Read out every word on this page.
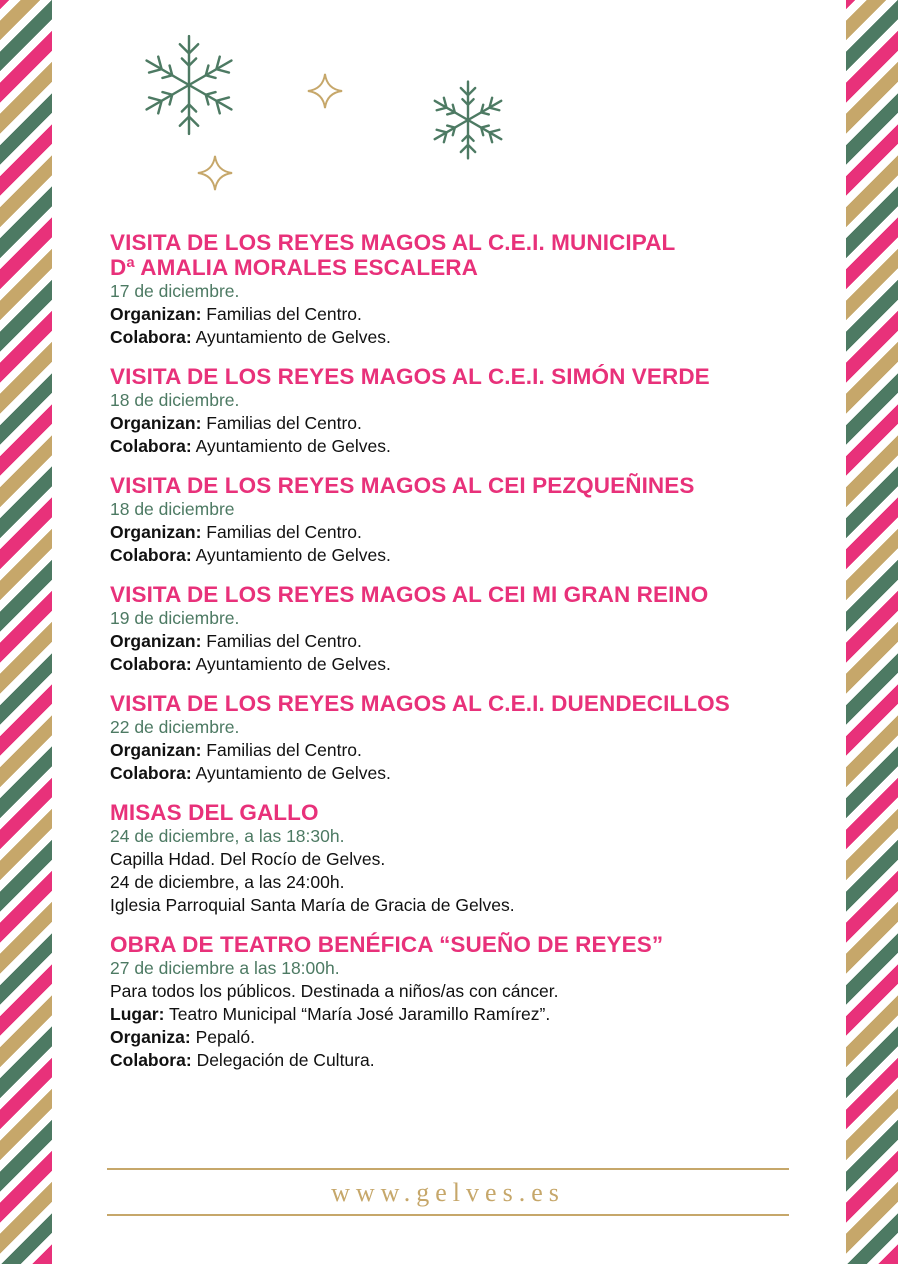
VISITA DE LOS REYES MAGOS AL C.E.I. MUNICIPAL
Dª AMALIA MORALES ESCALERA
17 de diciembre.
Organizan: Familias del Centro.
Colabora: Ayuntamiento de Gelves.
VISITA DE LOS REYES MAGOS AL C.E.I. SIMÓN VERDE
18 de diciembre.
Organizan: Familias del Centro.
Colabora: Ayuntamiento de Gelves.
VISITA DE LOS REYES MAGOS AL CEI PEZQUEÑINES
18 de diciembre
Organizan: Familias del Centro.
Colabora: Ayuntamiento de Gelves.
VISITA DE LOS REYES MAGOS AL CEI MI GRAN REINO
19 de diciembre.
Organizan: Familias del Centro.
Colabora: Ayuntamiento de Gelves.
VISITA DE LOS REYES MAGOS AL C.E.I. DUENDECILLOS
22 de diciembre.
Organizan: Familias del Centro.
Colabora: Ayuntamiento de Gelves.
MISAS DEL GALLO
24 de diciembre, a las 18:30h.
Capilla Hdad. Del Rocío de Gelves.
24 de diciembre, a las 24:00h.
Iglesia Parroquial Santa María de Gracia de Gelves.
OBRA DE TEATRO BENÉFICA “SUEÑO DE REYES”
27 de diciembre a las 18:00h.
Para todos los públicos. Destinada a niños/as con cáncer.
Lugar: Teatro Municipal “María José Jaramillo Ramírez”.
Organiza: Pepaló.
Colabora: Delegación de Cultura.
www.gelves.es
